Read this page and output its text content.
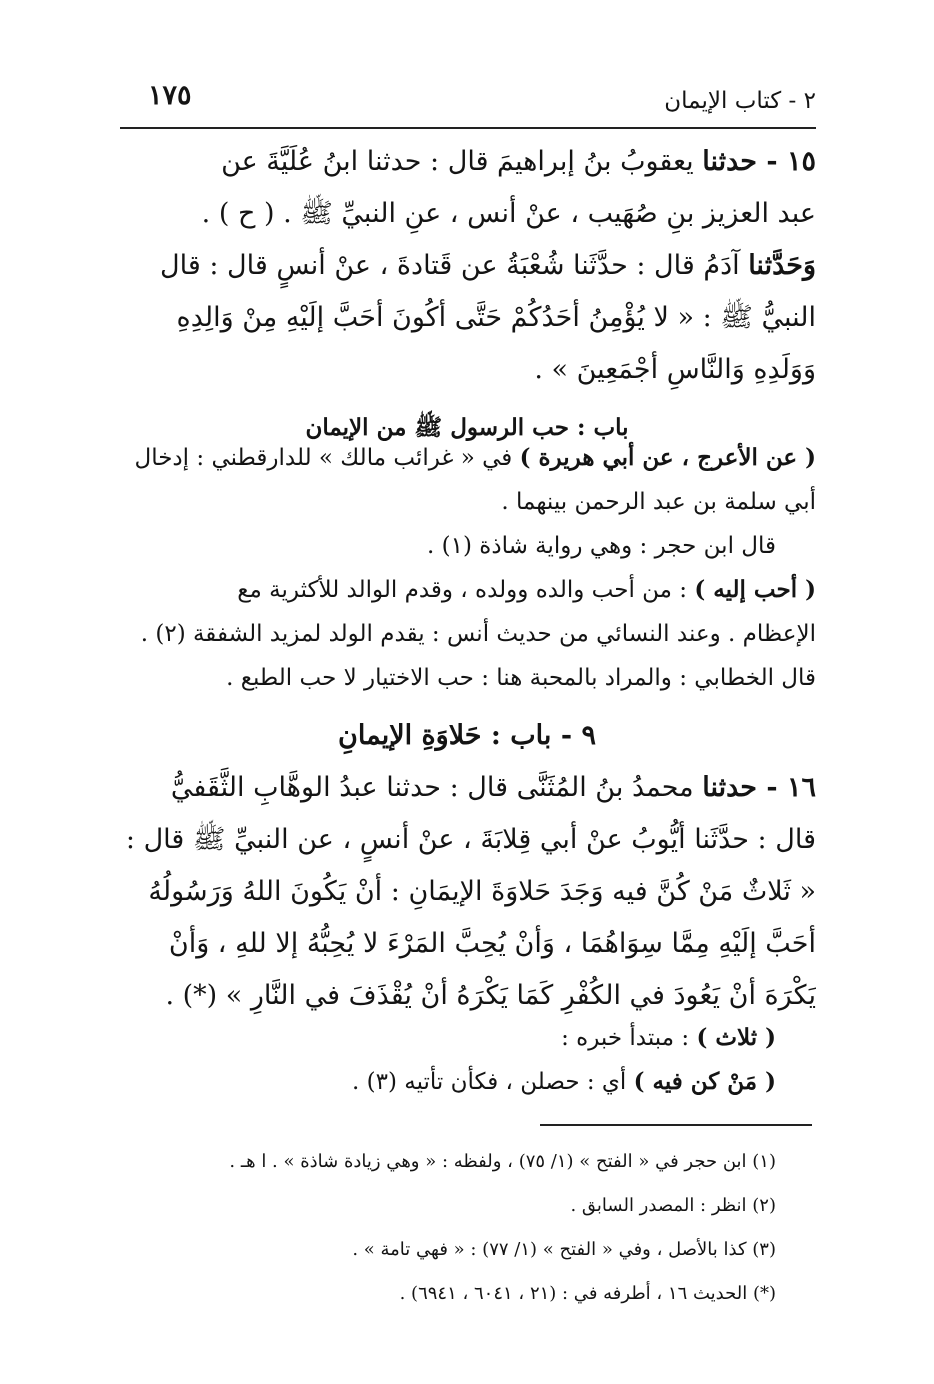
٢ - كتاب الإيمان
١٧٥
١٥ - حدثنا يعقوبُ بنُ إبراهيمَ قال : حدثنا ابنُ عُلَيَّةَ عن
عبد العزيز بنِ صُهَيب ، عنْ أنس ، عنِ النبيِّ ﷺ . ( ح ) .
وَحَدَّثنا آدَمُ قال : حدَّثَنا شُعْبَةُ عن قَتادةَ ، عنْ أنسٍ قال : قال
النبيُّ ﷺ : « لا يُؤْمِنُ أحَدُكُمْ حَتَّى أكُونَ أحَبَّ إلَيْهِ مِنْ وَالِدِهِ
وَوَلَدِهِ وَالنَّاسِ أجْمَعِينَ » .
باب : حب الرسول ﷺ من الإيمان
( عن الأعرج ، عن أبي هريرة ) في « غرائب مالك » للدارقطني : إدخال
أبي سلمة بن عبد الرحمن بينهما .
قال ابن حجر : وهي رواية شاذة (١) .
( أحب إليه ) : من أحب والده وولده ، وقدم الوالد للأكثرية مع
الإعظام . وعند النسائي من حديث أنس : يقدم الولد لمزيد الشفقة (٢) .
قال الخطابي : والمراد بالمحبة هنا : حب الاختيار لا حب الطبع .
٩ - باب : حَلاوَةِ الإيمانِ
١٦ - حدثنا محمدُ بنُ المُثَنَّى قال : حدثنا عبدُ الوهَّابِ الثَّقَفيُّ
قال : حدَّثَنا أيُّوبُ عنْ أبي قِلابَةَ ، عنْ أنسٍ ، عن النبيِّ ﷺ قال :
« ثَلاثٌ مَنْ كُنَّ فيه وَجَدَ حَلاوَةَ الإيمَانِ : أنْ يَكُونَ اللهُ وَرَسُولُهُ
أحَبَّ إلَيْهِ مِمَّا سِوَاهُمَا ، وَأنْ يُحِبَّ المَرْءَ لا يُحِبُّهُ إلا للهِ ، وَأنْ
يَكْرَهَ أنْ يَعُودَ في الكُفْرِ كَمَا يَكْرَهُ أنْ يُقْذَفَ في النَّارِ » (*) .
( ثلاث ) : مبتدأ خبره :
( مَنْ كن فيه ) أي : حصلن ، فكأن تأتيه (٣) .
(١) ابن حجر في « الفتح » (١/ ٧٥) ، ولفظه : « وهي زيادة شاذة » . ا هـ .
(٢) انظر : المصدر السابق .
(٣) كذا بالأصل ، وفي « الفتح » (١/ ٧٧) : « فهي تامة » .
(*) الحديث ١٦ ، أطرفه في : (٢١ ، ٦٠٤١ ، ٦٩٤١) .
